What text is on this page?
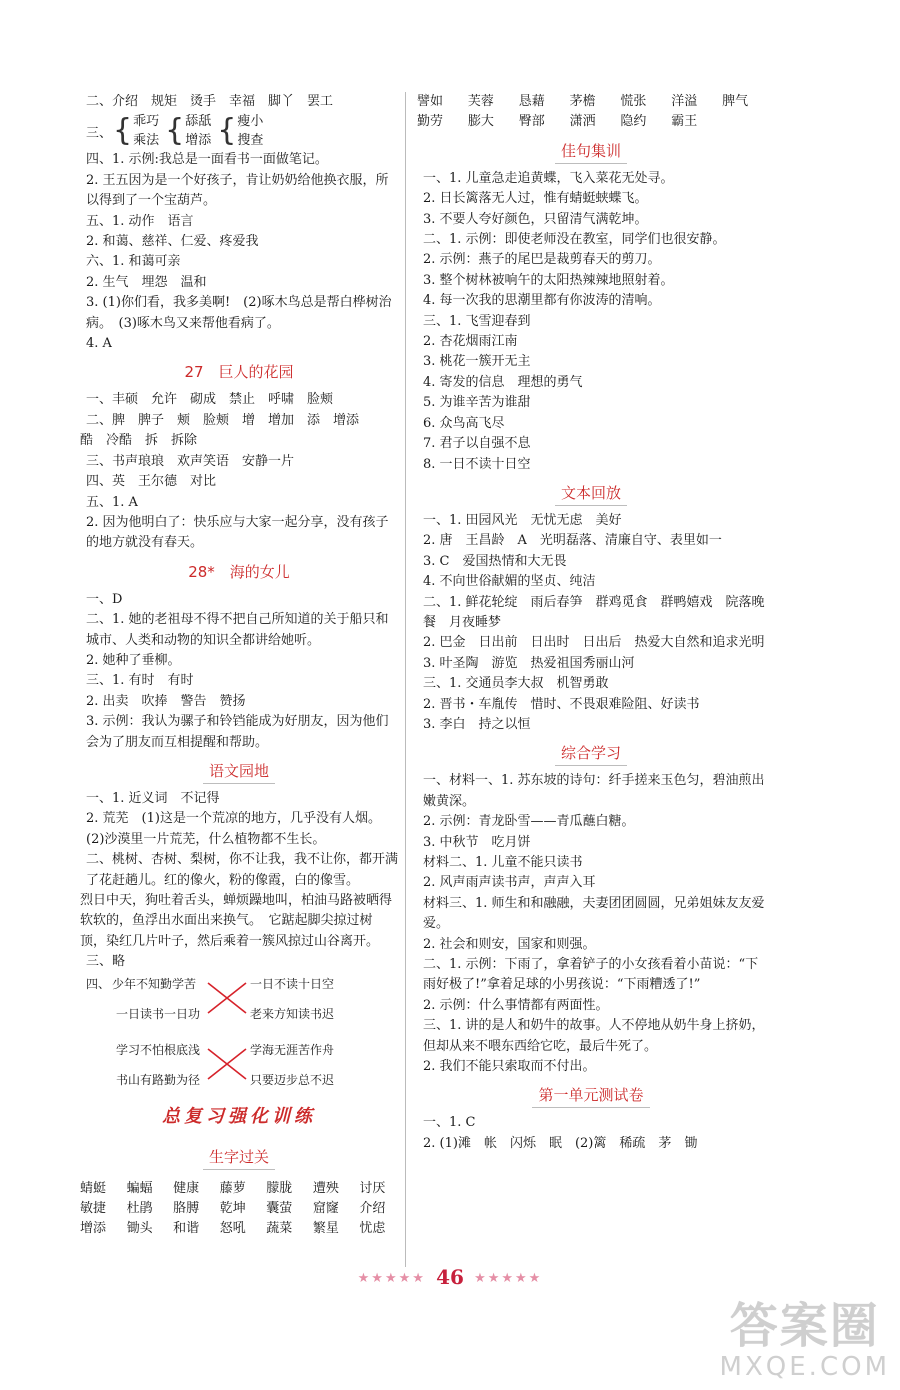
二、介绍　规矩　烫手　幸福　脚丫　罢工
三、 { 乖巧
乘法 { 舔舐
增添 { 瘦小
搜查
四、1. 示例:我总是一面看书一面做笔记。
2. 王五因为是一个好孩子，肯让奶奶给他换衣服，所以得到了一个宝葫芦。
五、1. 动作　语言
2. 和蔼、慈祥、仁爱、疼爱我
六、1. 和蔼可亲
2. 生气　埋怨　温和
3. (1)你们看，我多美啊!　(2)啄木鸟总是帮白桦树治病。　(3)啄木鸟又来帮他看病了。
4. A
27　巨人的花园
一、丰硕　允许　砌成　禁止　呼啸　脸颊
二、脾　脾子　颊　脸颊　增　增加　添　增添
酷　冷酷　拆　拆除
三、书声琅琅　欢声笑语　安静一片
四、英　王尔德　对比
五、1. A
2. 因为他明白了：快乐应与大家一起分享，没有孩子的地方就没有春天。
28*　海的女儿
一、D
二、1. 她的老祖母不得不把自己所知道的关于船只和城市、人类和动物的知识全都讲给她听。
2. 她种了垂柳。
三、1. 有时　有时
2. 出卖　吹捧　警告　赞扬
3. 示例：我认为骡子和铃铛能成为好朋友，因为他们会为了朋友而互相提醒和帮助。
语文园地
一、1. 近义词　不记得
2. 荒芜　(1)这是一个荒凉的地方，几乎没有人烟。(2)沙漠里一片荒芜，什么植物都不生长。
二、桃树、杏树、梨树，你不让我，我不让你，都开满了花赶趟儿。红的像火，粉的像霞，白的像雪。
烈日中天，狗吐着舌头，蝉烦躁地叫，柏油马路被晒得软软的，鱼浮出水面出来换气。　它踮起脚尖掠过树顶，染红几片叶子，然后乘着一簇风掠过山谷离开。
三、略
四、 少年不知勤学苦
一日读书一日功
学习不怕根底浅
书山有路勤为径
一日不读十日空
老来方知读书迟
学海无涯苦作舟
只要迈步总不迟
总复习强化训练
生字过关
蜻蜓	蝙蝠	健康	藤萝	朦胧	遭殃	讨厌
敏捷	杜鹃	胳膊	乾坤	囊萤	窟窿	介绍
增添	锄头	和谐	怒吼	蔬菜	繁星	忧虑
譬如	芙蓉	恳藉	茅檐	慌张	洋溢	脾气
勤劳	膨大	臀部	潇洒	隐约	霸王
佳句集训
一、1. 儿童急走追黄蝶，飞入菜花无处寻。
2. 日长篱落无人过，惟有蜻蜓蛱蝶飞。
3. 不要人夸好颜色，只留清气满乾坤。
二、1. 示例：即使老师没在教室，同学们也很安静。
2. 示例：燕子的尾巴是裁剪春天的剪刀。
3. 整个树林被响午的太阳热辣辣地照射着。
4. 每一次我的思潮里都有你波涛的清响。
三、1. 飞雪迎春到
2. 杏花烟雨江南
3. 桃花一簇开无主
4. 寄发的信息　理想的勇气
5. 为谁辛苦为谁甜
6. 众鸟高飞尽
7. 君子以自强不息
8. 一日不读十日空
文本回放
一、1. 田园风光　无忧无虑　美好
2. 唐　王昌龄　A　光明磊落、清廉自守、表里如一
3. C　爱国热情和大无畏
4. 不向世俗献媚的坚贞、纯洁
二、1. 鲜花轮绽　雨后春笋　群鸡觅食　群鸭嬉戏　院落晚餐　月夜睡梦
2. 巴金　日出前　日出时　日出后　热爱大自然和追求光明
3. 叶圣陶　游览　热爱祖国秀丽山河
三、1. 交通员李大叔　机智勇敢
2. 晋书・车胤传　惜时、不畏艰难险阻、好读书
3. 李白　持之以恒
综合学习
一、材料一、1. 苏东坡的诗句：纤手搓来玉色匀，碧油煎出嫩黄深。
2. 示例：青龙卧雪——青瓜蘸白糖。
3. 中秋节　吃月饼
材料二、1. 儿童不能只读书
2. 风声雨声读书声，声声入耳
材料三、1. 师生和和融融，夫妻团团圆圆，兄弟姐妹友友爱爱。
2. 社会和则安，国家和则强。
二、1. 示例：下雨了，拿着铲子的小女孩看着小苗说：“下雨好极了!”拿着足球的小男孩说：“下雨糟透了!”
2. 示例：什么事情都有两面性。
三、1. 讲的是人和奶牛的故事。人不停地从奶牛身上挤奶，但却从来不喂东西给它吃，最后牛死了。
2. 我们不能只索取而不付出。
第一单元测试卷
一、1. C
2. (1)滩　帐　闪烁　眠　(2)篱　稀疏　茅　锄
★★★★★ 46 ★★★★★
答案圈
MXQE.COM
